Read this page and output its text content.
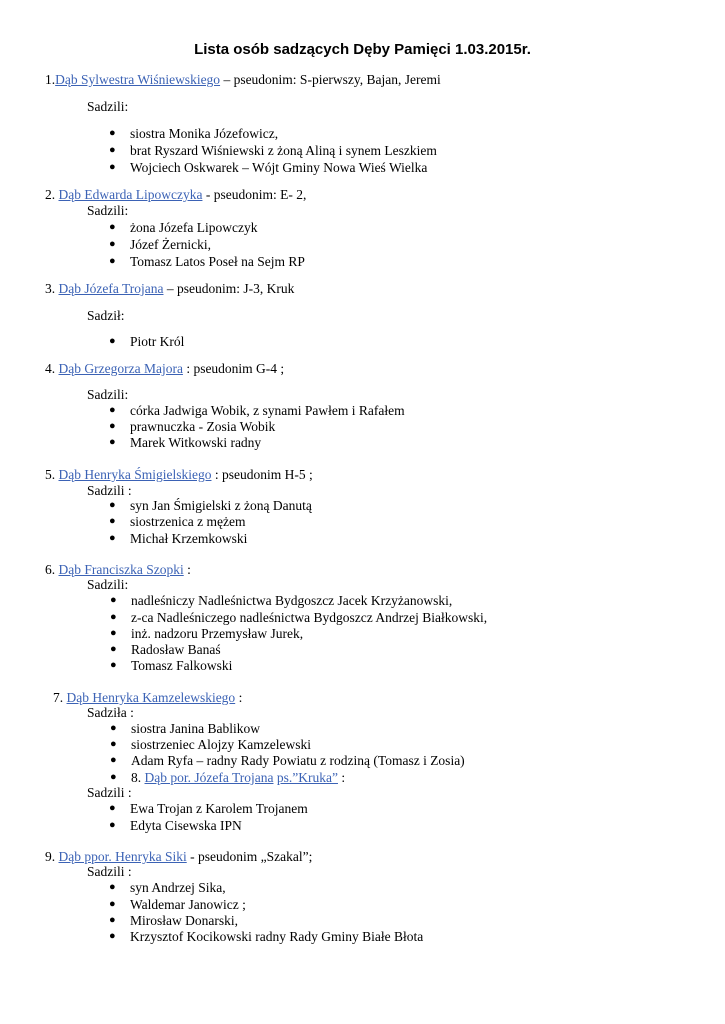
Lista osób sadzących Dęby Pamięci 1.03.2015r.
1.Dąb Sylwestra Wiśniewskiego – pseudonim: S-pierwszy, Bajan, Jeremi
Sadzili:
● siostra Monika Józefowicz,
● brat Ryszard Wiśniewski z żoną Aliną i synem Leszkiem
● Wojciech Oskwarek – Wójt Gminy Nowa Wieś Wielka
2. Dąb Edwarda Lipowczyka - pseudonim: E- 2,
Sadzili:
● żona Józefa Lipowczyk
● Józef Żernicki,
● Tomasz Latos Poseł na Sejm RP
3. Dąb Józefa Trojana – pseudonim: J-3, Kruk
Sadził:
● Piotr Król
4. Dąb Grzegorza Majora : pseudonim G-4 ;
Sadzili:
● córka Jadwiga Wobik, z synami Pawłem i Rafałem
● prawnuczka - Zosia Wobik
● Marek Witkowski radny
5. Dąb Henryka Śmigielskiego : pseudonim H-5 ;
Sadzili :
● syn Jan Śmigielski z żoną Danutą
● siostrzenica z mężem
● Michał Krzemkowski
6. Dąb Franciszka Szopki :
Sadzili:
● nadleśniczy Nadleśnictwa Bydgoszcz Jacek Krzyżanowski,
● z-ca Nadleśniczego nadleśnictwa Bydgoszcz Andrzej Białkowski,
● inż. nadzoru Przemysław Jurek,
● Radosław Banaś
● Tomasz Falkowski
7. Dąb Henryka Kamzelewskiego :
Sadziła :
● siostra Janina Bablikow
● siostrzeniec Alojzy Kamzelewski
● Adam Ryfa – radny Rady Powiatu z rodziną (Tomasz i Zosia)
● 8. Dąb por. Józefa Trojana ps.”Kruka” :
Sadzili :
● Ewa Trojan z Karolem Trojanem
● Edyta Cisewska IPN
9. Dąb ppor. Henryka Siki - pseudonim „Szakal”;
Sadzili :
● syn Andrzej Sika,
● Waldemar Janowicz ;
● Mirosław Donarski,
● Krzysztof Kocikowski radny Rady Gminy Białe Błota
